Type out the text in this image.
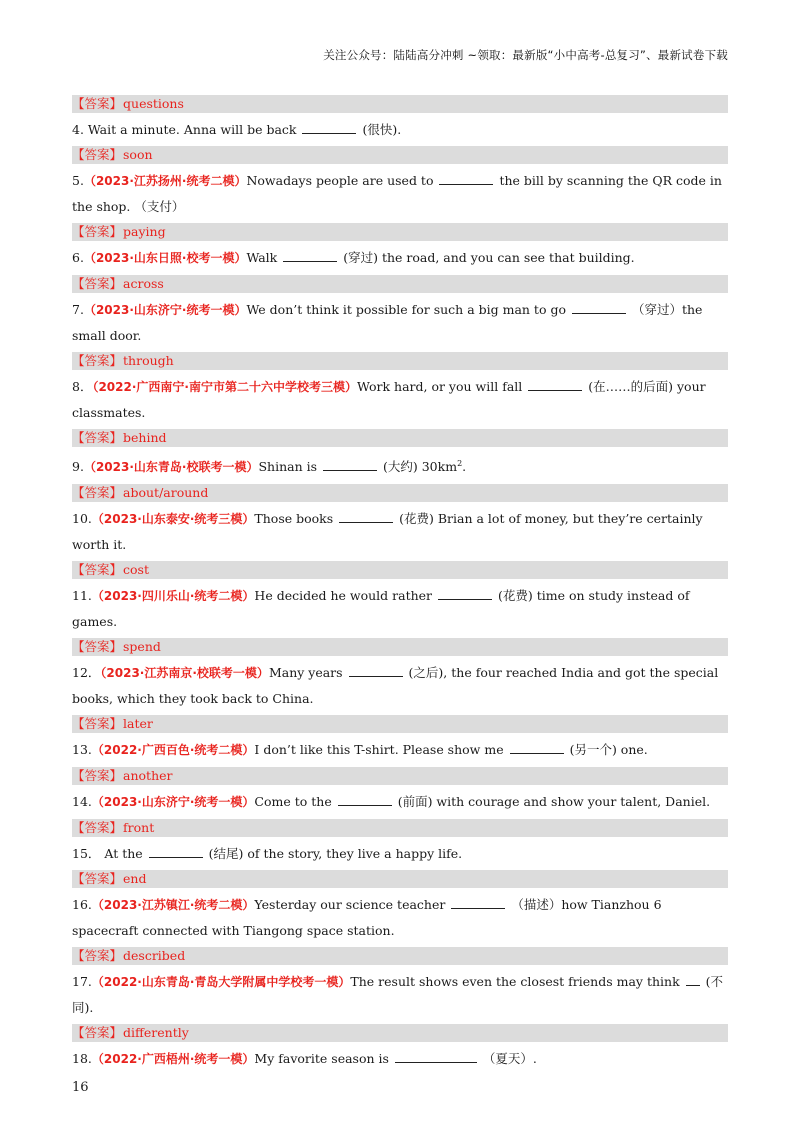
关注公众号：陆陆高分冲刺 ~领取：最新版“小中高考-总复习”、最新试卷下载
【答案】questions
4. Wait a minute. Anna will be back	(很快).
【答案】soon
5.（2023·江苏扬州·统考二模）Nowadays people are used to	the bill by scanning the QR code in the shop. （支付）
【答案】paying
6.（2023·山东日照·校考一模）Walk	(穿过) the road, and you can see that building.
【答案】across
7.（2023·山东济宁·统考一模）We don’t think it possible for such a big man to go	（穿过）the small door.
【答案】through
8．（2022·广西南宁·南宁市第二十六中学校考三模）Work hard, or you will fall	(在……的后面) your classmates.
【答案】behind
9.（2023·山东青岛·校联考一模）Shinan is	(大约) $30km^2$.
【答案】about/around
10.（2023·山东泰安·统考三模）Those books	(花费) Brian a lot of money, but they’re certainly worth it.
【答案】cost
11.（2023·四川乐山·统考二模）He decided he would rather	(花费) time on study instead of games.
【答案】spend
12．（2023·江苏南京·校联考一模）Many years	(之后), the four reached India and got the special books, which they took back to China.
【答案】later
13.（2022·广西百色·统考二模）I don’t like this T-shirt. Please show me	(另一个) one.
【答案】another
14.（2023·山东济宁·统考一模）Come to the	(前面) with courage and show your talent, Daniel.
【答案】front
15． At the	(结尾) of the story, they live a happy life.
【答案】end
16.（2023·江苏镇江·统考二模）Yesterday our science teacher	（描述）how Tianzhou 6 spacecraft connected with Tiangong space station.
【答案】described
17.（2022·山东青岛·青岛大学附属中学校考一模）The result shows even the closest friends may think (不同).
【答案】differently
18.（2022·广西梧州·统考一模）My favorite season is	（夏天）.
16
